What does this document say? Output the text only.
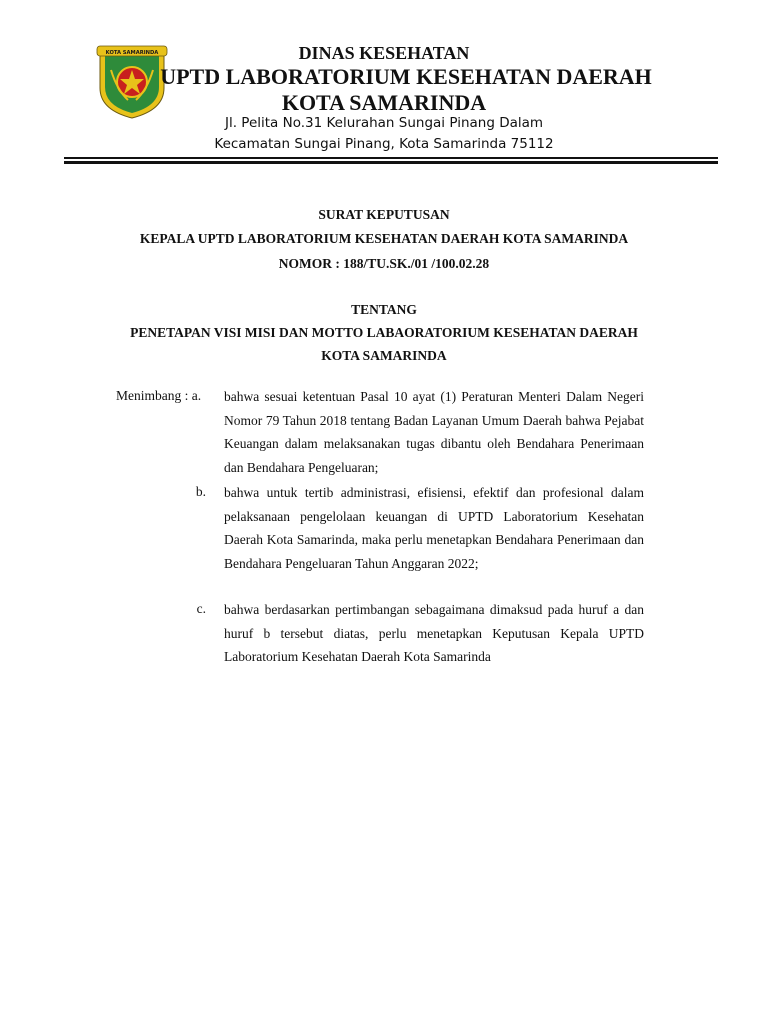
KOTA SAMARINDA	DINAS KESEHATAN
UPTD LABORATORIUM KESEHATAN DAERAH
KOTA SAMARINDA
Jl. Pelita No.31 Kelurahan Sungai Pinang Dalam
Kecamatan Sungai Pinang, Kota Samarinda 75112
SURAT KEPUTUSAN
KEPALA UPTD LABORATORIUM KESEHATAN DAERAH KOTA SAMARINDA
NOMOR : 188/TU.SK./01 /100.02.28
TENTANG
PENETAPAN VISI MISI DAN MOTTO LABAORATORIUM KESEHATAN DAERAH
KOTA SAMARINDA
Menimbang : a. bahwa sesuai ketentuan Pasal 10 ayat (1) Peraturan Menteri Dalam Negeri Nomor 79 Tahun 2018 tentang Badan Layanan Umum Daerah bahwa Pejabat Keuangan dalam melaksanakan tugas dibantu oleh Bendahara Penerimaan dan Bendahara Pengeluaran;
b. bahwa untuk tertib administrasi, efisiensi, efektif dan profesional dalam pelaksanaan pengelolaan keuangan di UPTD Laboratorium Kesehatan Daerah Kota Samarinda, maka perlu menetapkan Bendahara Penerimaan dan Bendahara Pengeluaran Tahun Anggaran 2022;
c. bahwa berdasarkan pertimbangan sebagaimana dimaksud pada huruf a dan huruf b tersebut diatas, perlu menetapkan Keputusan Kepala UPTD Laboratorium Kesehatan Daerah Kota Samarinda
